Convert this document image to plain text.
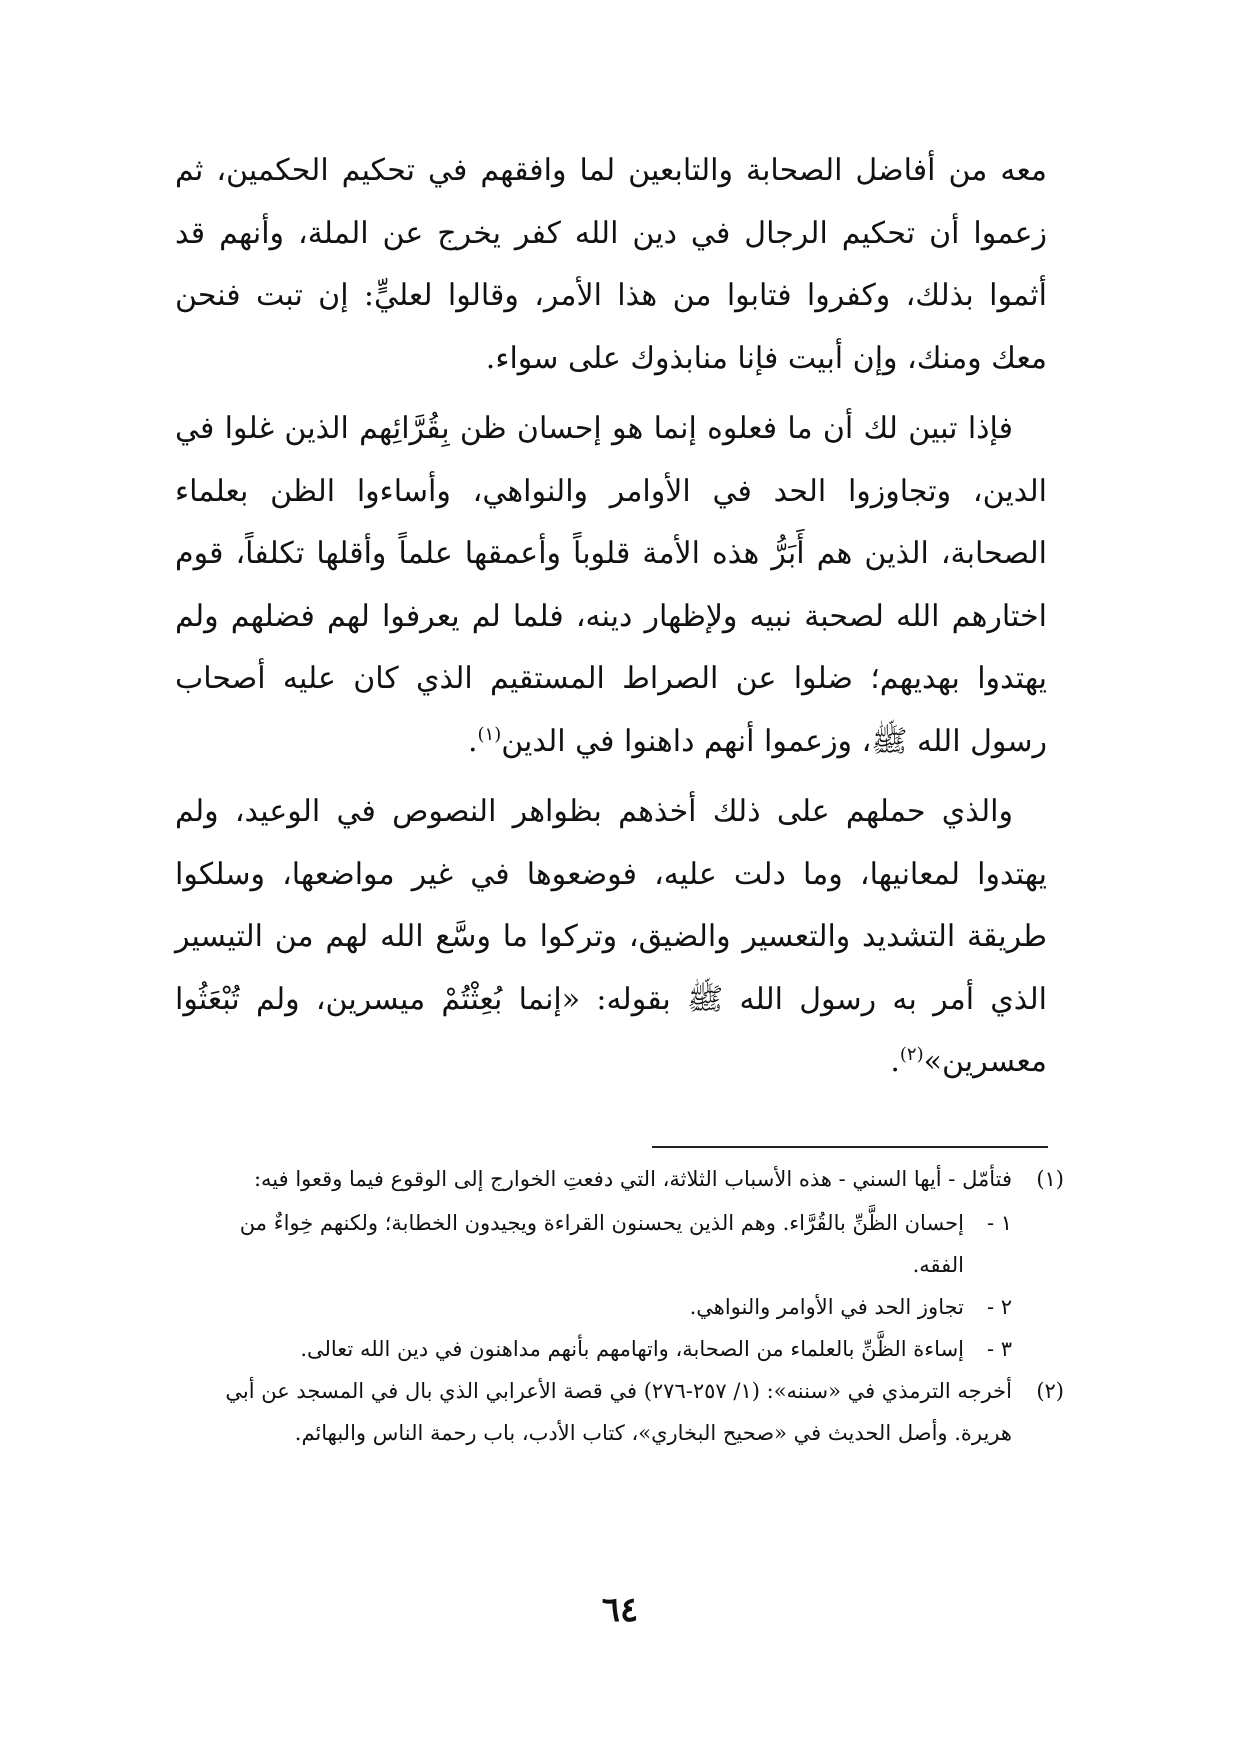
معه من أفاضل الصحابة والتابعين لما وافقهم في تحكيم الحكمين، ثم زعموا أن تحكيم الرجال في دين الله كفر يخرج عن الملة، وأنهم قد أثموا بذلك، وكفروا فتابوا من هذا الأمر، وقالوا لعليٍّ: إن تبت فنحن معك ومنك، وإن أبيت فإنا منابذوك على سواء.

فإذا تبين لك أن ما فعلوه إنما هو إحسان ظن بِقُرَّائِهم الذين غلوا في الدين، وتجاوزوا الحد في الأوامر والنواهي، وأساءوا الظن بعلماء الصحابة، الذين هم أَبَرُّ هذه الأمة قلوباً وأعمقها علماً وأقلها تكلفاً، قوم اختارهم الله لصحبة نبيه ولإظهار دينه، فلما لم يعرفوا لهم فضلهم ولم يهتدوا بهديهم؛ ضلوا عن الصراط المستقيم الذي كان عليه أصحاب رسول الله ﷺ، وزعموا أنهم داهنوا في الدين$^{(١)}$.

والذي حملهم على ذلك أخذهم بظواهر النصوص في الوعيد، ولم يهتدوا لمعانيها، وما دلت عليه، فوضعوها في غير مواضعها، وسلكوا طريقة التشديد والتعسير والضيق، وتركوا ما وسَّع الله لهم من التيسير الذي أمر به رسول الله ﷺ بقوله: «إنما بُعِثْتُمْ ميسرين، ولم تُبْعَثُوا معسرين»$^{(٢)}$.

(١)
فتأمّل - أيها السني - هذه الأسباب الثلاثة، التي دفعتِ الخوارج إلى الوقوع فيما وقعوا فيه:
١ -
إحسان الظَّنِّ بالقُرَّاء. وهم الذين يحسنون القراءة ويجيدون الخطابة؛ ولكنهم خِواءٌ من الفقه.
٢ -
تجاوز الحد في الأوامر والنواهي.
٣ -
إساءة الظَّنِّ بالعلماء من الصحابة، واتهامهم بأنهم مداهنون في دين الله تعالى.
(٢)
أخرجه الترمذي في «سننه»: (١/ ٢٥٧-٢٧٦) في قصة الأعرابي الذي بال في المسجد عن أبي هريرة. وأصل الحديث في «صحيح البخاري»، كتاب الأدب، باب رحمة الناس والبهائم.
٦٤
